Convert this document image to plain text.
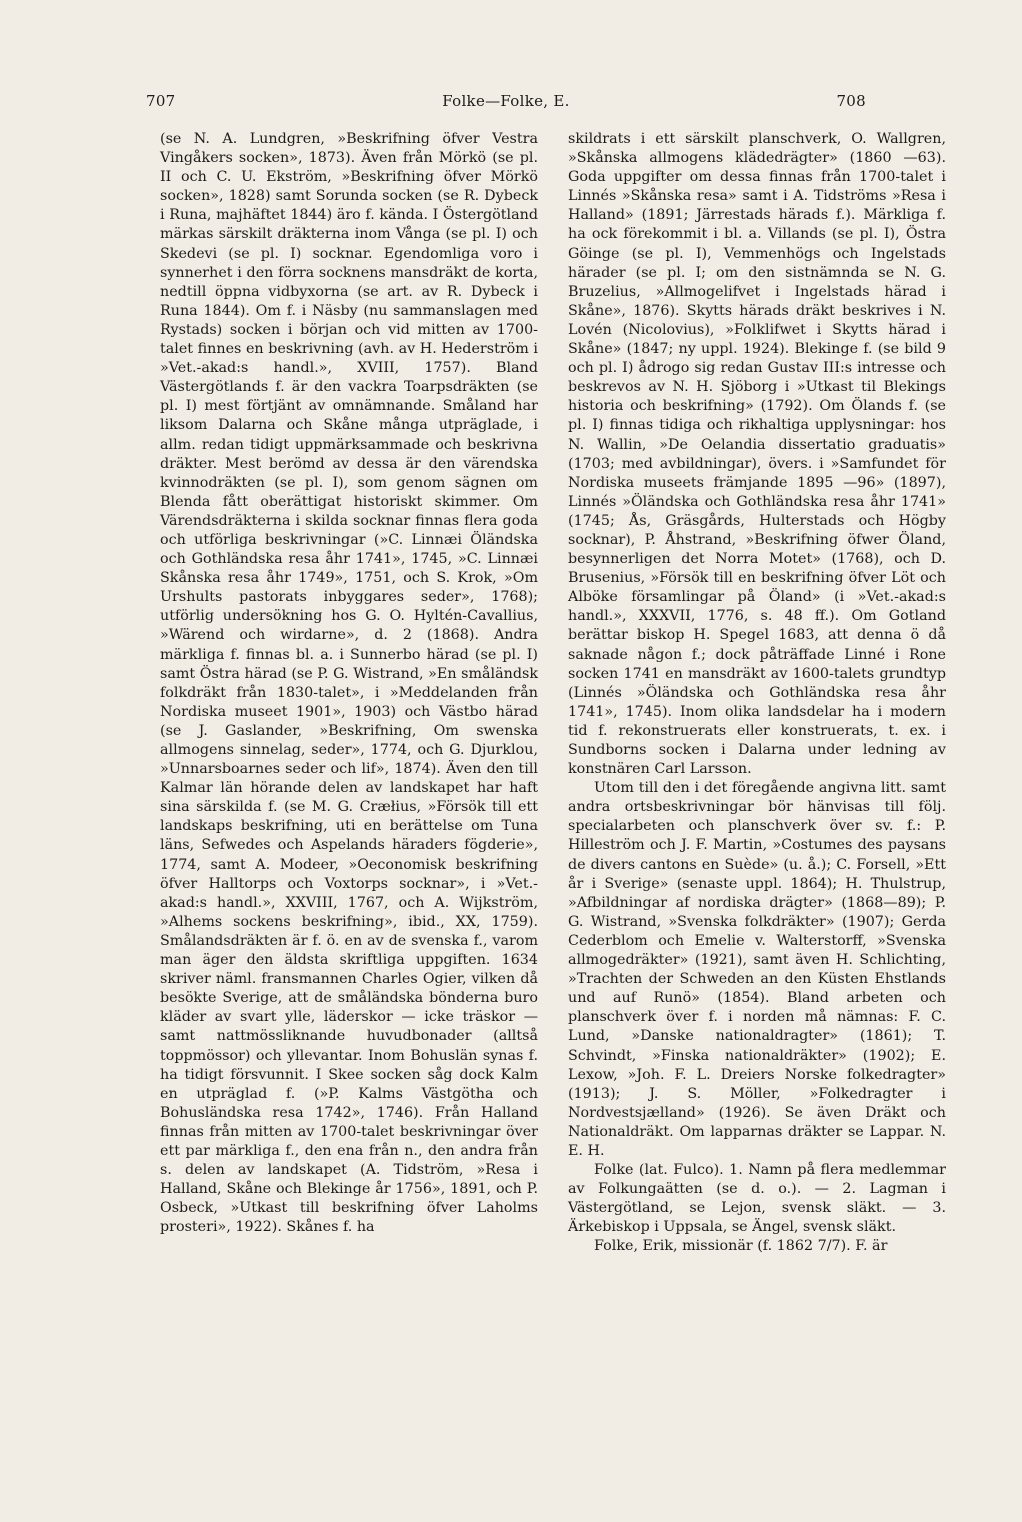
707	Folke—Folke, E.	708

(se N. A. Lundgren, »Beskrifning öfver Vestra Vingåkers socken», 1873). Även från Mörkö (se pl. II och C. U. Ekström, »Beskrifning öfver Mörkö socken», 1828) samt Sorunda socken (se R. Dybeck i Runa, majhäftet 1844) äro f. kända. I Östergötland märkas särskilt dräkterna inom Vånga (se pl. I) och Skedevi (se pl. I) socknar. Egendomliga voro i synnerhet i den förra socknens mansdräkt de korta, nedtill öppna vidbyxorna (se art. av R. Dybeck i Runa 1844). Om f. i Näsby (nu sammanslagen med Rystads) socken i början och vid mitten av 1700-talet finnes en beskrivning (avh. av H. Hederström i »Vet.-akad:s handl.», XVIII, 1757). Bland Västergötlands f. är den vackra Toarpsdräkten (se pl. I) mest förtjänt av omnämnande. Småland har liksom Dalarna och Skåne många utpräglade, i allm. redan tidigt uppmärksammade och beskrivna dräkter. Mest berömd av dessa är den värendska kvinnodräkten (se pl. I), som genom sägnen om Blenda fått oberättigat historiskt skimmer. Om Värendsdräkterna i skilda socknar finnas flera goda och utförliga beskrivningar (»C. Linnæi Öländska och Gothländska resa åhr 1741», 1745, »C. Linnæi Skånska resa åhr 1749», 1751, och S. Krok, »Om Urshults pastorats inbyggares seder», 1768); utförlig undersökning hos G. O. Hyltén-Cavallius, »Wärend och wirdarne», d. 2 (1868). Andra märkliga f. finnas bl. a. i Sunnerbo härad (se pl. I) samt Östra härad (se P. G. Wistrand, »En småländsk folkdräkt från 1830-talet», i »Meddelanden från Nordiska museet 1901», 1903) och Västbo härad (se J. Gaslander, »Beskrifning, Om swenska allmogens sinnelag, seder», 1774, och G. Djurklou, »Unnarsboarnes seder och lif», 1874). Även den till Kalmar län hörande delen av landskapet har haft sina särskilda f. (se M. G. Cræłius, »Försök till ett landskaps beskrifning, uti en berättelse om Tuna läns, Sefwedes och Aspelands häraders fögderie», 1774, samt A. Modeer, »Oeconomisk beskrifning öfver Halltorps och Voxtorps socknar», i »Vet.-akad:s handl.», XXVIII, 1767, och A. Wijkström, »Alhems sockens beskrifning», ibid., XX, 1759). Smålandsdräkten är f. ö. en av de svenska f., varom man äger den äldsta skriftliga uppgiften. 1634 skriver näml. fransmannen Charles Ogier, vilken då besökte Sverige, att de småländska bönderna buro kläder av svart ylle, läderskor — icke träskor — samt nattmössliknande huvudbonader (alltså toppmössor) och yllevantar. Inom Bohuslän synas f. ha tidigt försvunnit. I Skee socken såg dock Kalm en utpräglad f. (»P. Kalms Västgötha och Bohusländska resa 1742», 1746). Från Halland finnas från mitten av 1700-talet beskrivningar över ett par märkliga f., den ena från n., den andra från s. delen av landskapet (A. Tidström, »Resa i Halland, Skåne och Blekinge år 1756», 1891, och P. Osbeck, »Utkast till beskrifning öfver Laholms prosteri», 1922). Skånes f. ha

skildrats i ett särskilt planschverk, O. Wallgren, »Skånska allmogens klädedrägter» (1860 —63). Goda uppgifter om dessa finnas från 1700-talet i Linnés »Skånska resa» samt i A. Tidströms »Resa i Halland» (1891; Järrestads härads f.). Märkliga f. ha ock förekommit i bl. a. Villands (se pl. I), Östra Göinge (se pl. I), Vemmenhögs och Ingelstads härader (se pl. I; om den sistnämnda se N. G. Bruzelius, »Allmogelifvet i Ingelstads härad i Skåne», 1876). Skytts härads dräkt beskrives i N. Lovén (Nicolovius), »Folklifwet i Skytts härad i Skåne» (1847; ny uppl. 1924). Blekinge f. (se bild 9 och pl. I) ådrogo sig redan Gustav III:s intresse och beskrevos av N. H. Sjöborg i »Utkast til Blekings historia och beskrifning» (1792). Om Ölands f. (se pl. I) finnas tidiga och rikhaltiga upplysningar: hos N. Wallin, »De Oelandia dissertatio graduatis» (1703; med avbildningar), övers. i »Samfundet för Nordiska museets främjande 1895 —96» (1897), Linnés »Öländska och Gothländska resa åhr 1741» (1745; Ås, Gräsgårds, Hulterstads och Högby socknar), P. Åhstrand, »Beskrifning öfwer Öland, besynnerligen det Norra Motet» (1768), och D. Brusenius, »Försök till en beskrifning öfver Löt och Alböke församlingar på Öland» (i »Vet.-akad:s handl.», XXXVII, 1776, s. 48 ff.). Om Gotland berättar biskop H. Spegel 1683, att denna ö då saknade någon f.; dock påträffade Linné i Rone socken 1741 en mansdräkt av 1600-talets grundtyp (Linnés »Öländska och Gothländska resa åhr 1741», 1745). Inom olika landsdelar ha i modern tid f. rekonstruerats eller konstruerats, t. ex. i Sundborns socken i Dalarna under ledning av konstnären Carl Larsson.

Utom till den i det föregående angivna litt. samt andra ortsbeskrivningar bör hänvisas till följ. specialarbeten och planschverk över sv. f.: P. Hilleström och J. F. Martin, »Costumes des paysans de divers cantons en Suède» (u. å.); C. Forsell, »Ett år i Sverige» (senaste uppl. 1864); H. Thulstrup, »Afbildningar af nordiska drägter» (1868—89); P. G. Wistrand, »Svenska folkdräkter» (1907); Gerda Cederblom och Emelie v. Walterstorff, »Svenska allmogedräkter» (1921), samt även H. Schlichting, »Trachten der Schweden an den Küsten Ehstlands und auf Runö» (1854). Bland arbeten och planschverk över f. i norden må nämnas: F. C. Lund, »Danske nationaldragter» (1861); T. Schvindt, »Finska nationaldräkter» (1902); E. Lexow, »Joh. F. L. Dreiers Norske folkedragter» (1913); J. S. Möller, »Folkedragter i Nordvestsjælland» (1926). Se även Dräkt och Nationaldräkt. Om lapparnas dräkter se Lappar. N. E. H.

Folke (lat. Fulco). 1. Namn på flera medlemmar av Folkungaätten (se d. o.). — 2. Lagman i Västergötland, se Lejon, svensk släkt. — 3. Ärkebiskop i Uppsala, se Ängel, svensk släkt.

Folke, Erik, missionär (f. 1862 7/7). F. är
